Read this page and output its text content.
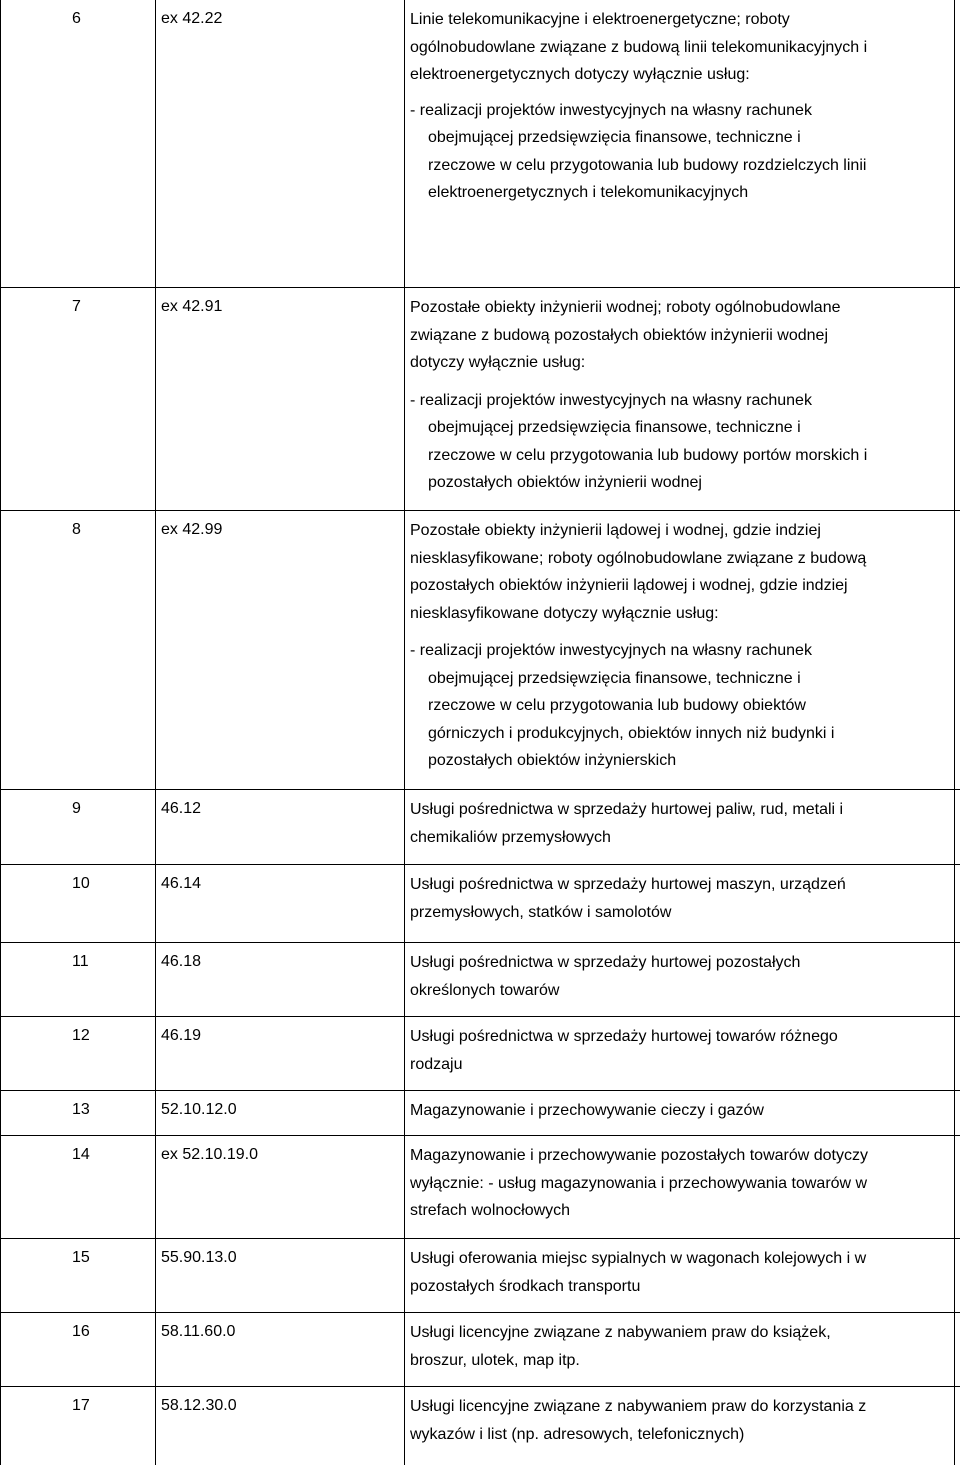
6	ex 42.22	Linie telekomunikacyjne i elektroenergetyczne; roboty
ogólnobudowlane związane z budową linii telekomunikacyjnych i
elektroenergetycznych dotyczy wyłącznie usług:
- realizacji projektów inwestycyjnych na własny rachunek
obejmującej przedsięwzięcia finansowe, techniczne i
rzeczowe w celu przygotowania lub budowy rozdzielczych linii
elektroenergetycznych i telekomunikacyjnych
7	ex 42.91	Pozostałe obiekty inżynierii wodnej; roboty ogólnobudowlane
związane z budową pozostałych obiektów inżynierii wodnej
dotyczy wyłącznie usług:
- realizacji projektów inwestycyjnych na własny rachunek
obejmującej przedsięwzięcia finansowe, techniczne i
rzeczowe w celu przygotowania lub budowy portów morskich i
pozostałych obiektów inżynierii wodnej
8	ex 42.99	Pozostałe obiekty inżynierii lądowej i wodnej, gdzie indziej
niesklasyfikowane; roboty ogólnobudowlane związane z budową
pozostałych obiektów inżynierii lądowej i wodnej, gdzie indziej
niesklasyfikowane dotyczy wyłącznie usług:
- realizacji projektów inwestycyjnych na własny rachunek
obejmującej przedsięwzięcia finansowe, techniczne i
rzeczowe w celu przygotowania lub budowy obiektów
górniczych i produkcyjnych, obiektów innych niż budynki i
pozostałych obiektów inżynierskich
9	46.12	Usługi pośrednictwa w sprzedaży hurtowej paliw, rud, metali i
chemikaliów przemysłowych
10	46.14	Usługi pośrednictwa w sprzedaży hurtowej maszyn, urządzeń
przemysłowych, statków i samolotów
11	46.18	Usługi pośrednictwa w sprzedaży hurtowej pozostałych
określonych towarów
12	46.19	Usługi pośrednictwa w sprzedaży hurtowej towarów różnego
rodzaju
13	52.10.12.0	Magazynowanie i przechowywanie cieczy i gazów
14	ex 52.10.19.0	Magazynowanie i przechowywanie pozostałych towarów dotyczy
wyłącznie: - usług magazynowania i przechowywania towarów w
strefach wolnocłowych
15	55.90.13.0	Usługi oferowania miejsc sypialnych w wagonach kolejowych i w
pozostałych środkach transportu
16	58.11.60.0	Usługi licencyjne związane z nabywaniem praw do książek,
broszur, ulotek, map itp.
17	58.12.30.0	Usługi licencyjne związane z nabywaniem praw do korzystania z
wykazów i list (np. adresowych, telefonicznych)
